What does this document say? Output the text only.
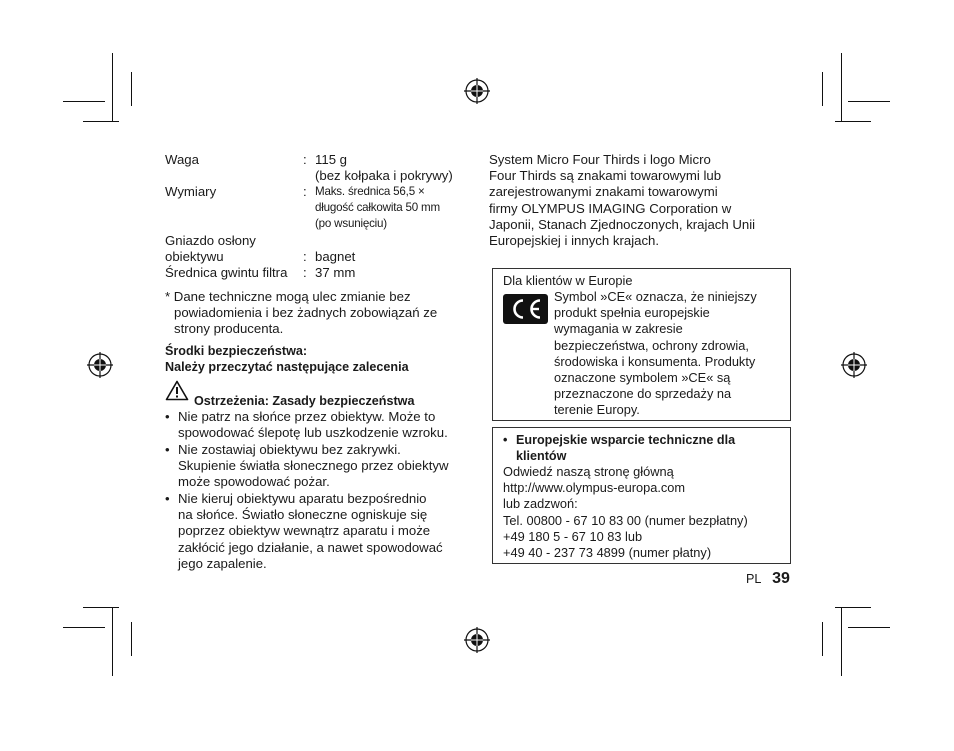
Waga	: 115 g
(bez kołpaka i pokrywy)
Wymiary	: Maks. średnica 56,5 ×
długość całkowita 50 mm
(po wsunięciu)
Gniazdo osłony
obiektywu	: bagnet
Średnica gwintu filtra : 37 mm
* Dane techniczne mogą ulec zmianie bez
powiadomienia i bez żadnych zobowiązań ze
strony producenta.
Środki bezpieczeństwa:
Należy przeczytać następujące zalecenia
Ostrzeżenia: Zasady bezpieczeństwa
• Nie patrz na słońce przez obiektyw. Może to
spowodować ślepotę lub uszkodzenie wzroku.
• Nie zostawiaj obiektywu bez zakrywki.
Skupienie światła słonecznego przez obiektyw
może spowodować pożar.
• Nie kieruj obiektywu aparatu bezpośrednio
na słońce. Światło słoneczne ogniskuje się
poprzez obiektyw wewnątrz aparatu i może
zakłócić jego działanie, a nawet spowodować
jego zapalenie.
System Micro Four Thirds i logo Micro
Four Thirds są znakami towarowymi lub
zarejestrowanymi znakami towarowymi
firmy OLYMPUS IMAGING Corporation w
Japonii, Stanach Zjednoczonych, krajach Unii
Europejskiej i innych krajach.
Dla klientów w Europie
Symbol »CE« oznacza, że niniejszy
produkt spełnia europejskie
wymagania w zakresie
bezpieczeństwa, ochrony zdrowia,
środowiska i konsumenta. Produkty
oznaczone symbolem »CE« są
przeznaczone do sprzedaży na
terenie Europy.
• Europejskie wsparcie techniczne dla
klientów
Odwiedź naszą stronę główną
http://www.olympus-europa.com
lub zadzwoń:
Tel. 00800 - 67 10 83 00 (numer bezpłatny)
+49 180 5 - 67 10 83 lub
+49 40 - 237 73 4899 (numer płatny)
PL 39
